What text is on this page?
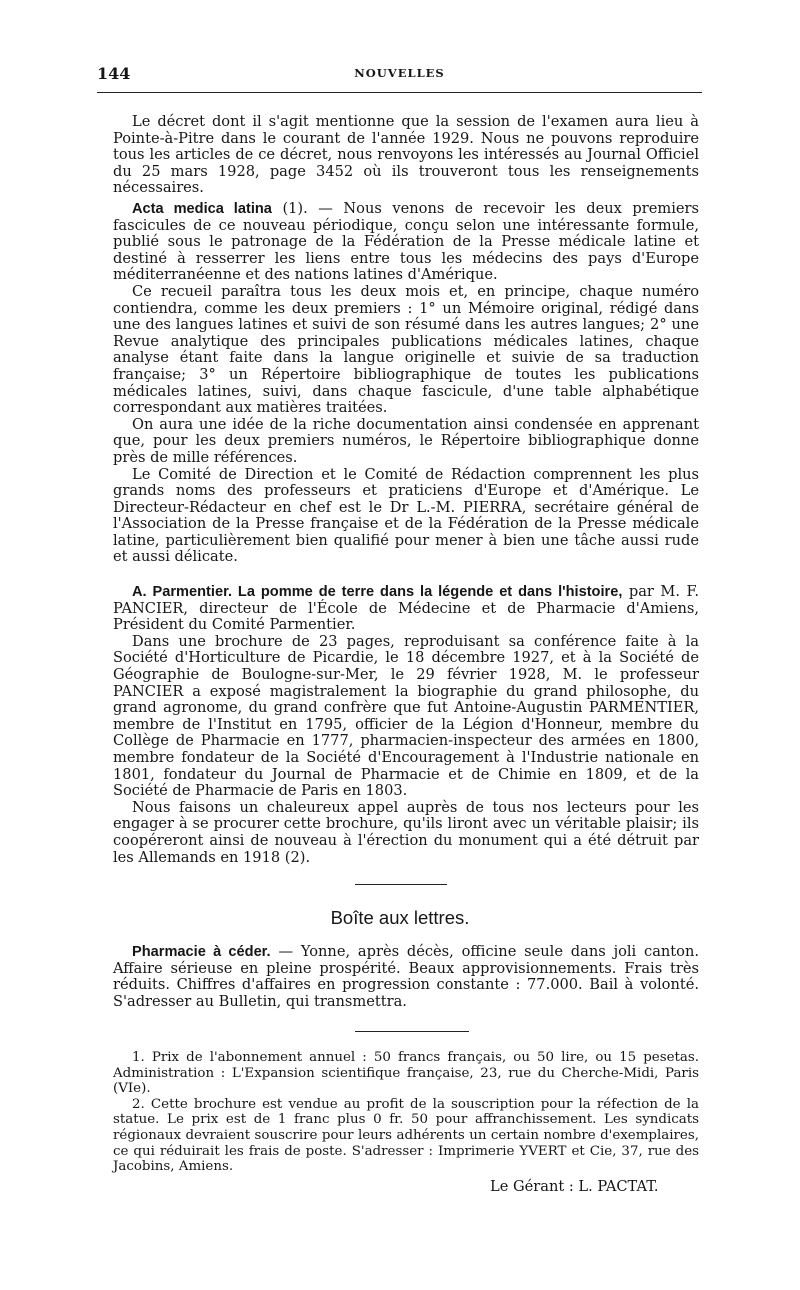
144	NOUVELLES

Le décret dont il s'agit mentionne que la session de l'examen aura lieu à Pointe-à-Pitre dans le courant de l'année 1929. Nous ne pouvons reproduire tous les articles de ce décret, nous renvoyons les intéressés au Journal Officiel du 25 mars 1928, page 3452 où ils trouveront tous les renseignements nécessaires.

Acta medica latina (1). — Nous venons de recevoir les deux premiers fascicules de ce nouveau périodique, conçu selon une intéressante formule, publié sous le patronage de la Fédération de la Presse médicale latine et destiné à resserrer les liens entre tous les médecins des pays d'Europe méditerranéenne et des nations latines d'Amérique.

Ce recueil paraîtra tous les deux mois et, en principe, chaque numéro contiendra, comme les deux premiers : 1° un Mémoire original, rédigé dans une des langues latines et suivi de son résumé dans les autres langues; 2° une Revue analytique des principales publications médicales latines, chaque analyse étant faite dans la langue originelle et suivie de sa traduction française; 3° un Répertoire bibliographique de toutes les publications médicales latines, suivi, dans chaque fascicule, d'une table alphabétique correspondant aux matières traitées.

On aura une idée de la riche documentation ainsi condensée en apprenant que, pour les deux premiers numéros, le Répertoire bibliographique donne près de mille références.

Le Comité de Direction et le Comité de Rédaction comprennent les plus grands noms des professeurs et praticiens d'Europe et d'Amérique. Le Directeur-Rédacteur en chef est le Dr L.-M. PIERRA, secrétaire général de l'Association de la Presse française et de la Fédération de la Presse médicale latine, particulièrement bien qualifié pour mener à bien une tâche aussi rude et aussi délicate.

A. Parmentier. La pomme de terre dans la légende et dans l'histoire, par M. F. PANCIER, directeur de l'École de Médecine et de Pharmacie d'Amiens, Président du Comité Parmentier.

Dans une brochure de 23 pages, reproduisant sa conférence faite à la Société d'Horticulture de Picardie, le 18 décembre 1927, et à la Société de Géographie de Boulogne-sur-Mer, le 29 février 1928, M. le professeur PANCIER a exposé magistralement la biographie du grand philosophe, du grand agronome, du grand confrère que fut Antoine-Augustin PARMENTIER, membre de l'Institut en 1795, officier de la Légion d'Honneur, membre du Collège de Pharmacie en 1777, pharmacien-inspecteur des armées en 1800, membre fondateur de la Société d'Encouragement à l'Industrie nationale en 1801, fondateur du Journal de Pharmacie et de Chimie en 1809, et de la Société de Pharmacie de Paris en 1803.

Nous faisons un chaleureux appel auprès de tous nos lecteurs pour les engager à se procurer cette brochure, qu'ils liront avec un véritable plaisir; ils coopéreront ainsi de nouveau à l'érection du monument qui a été détruit par les Allemands en 1918 (2).

Boîte aux lettres.

Pharmacie à céder. — Yonne, après décès, officine seule dans joli canton. Affaire sérieuse en pleine prospérité. Beaux approvisionnements. Frais très réduits. Chiffres d'affaires en progression constante : 77.000. Bail à volonté. S'adresser au Bulletin, qui transmettra.

1. Prix de l'abonnement annuel : 50 francs français, ou 50 lire, ou 15 pesetas. Administration : L'Expansion scientifique française, 23, rue du Cherche-Midi, Paris (VIe).

2. Cette brochure est vendue au profit de la souscription pour la réfection de la statue. Le prix est de 1 franc plus 0 fr. 50 pour affranchissement. Les syndicats régionaux devraient souscrire pour leurs adhérents un certain nombre d'exemplaires, ce qui réduirait les frais de poste. S'adresser : Imprimerie YVERT et Cie, 37, rue des Jacobins, Amiens.

Le Gérant : L. PACTAT.
